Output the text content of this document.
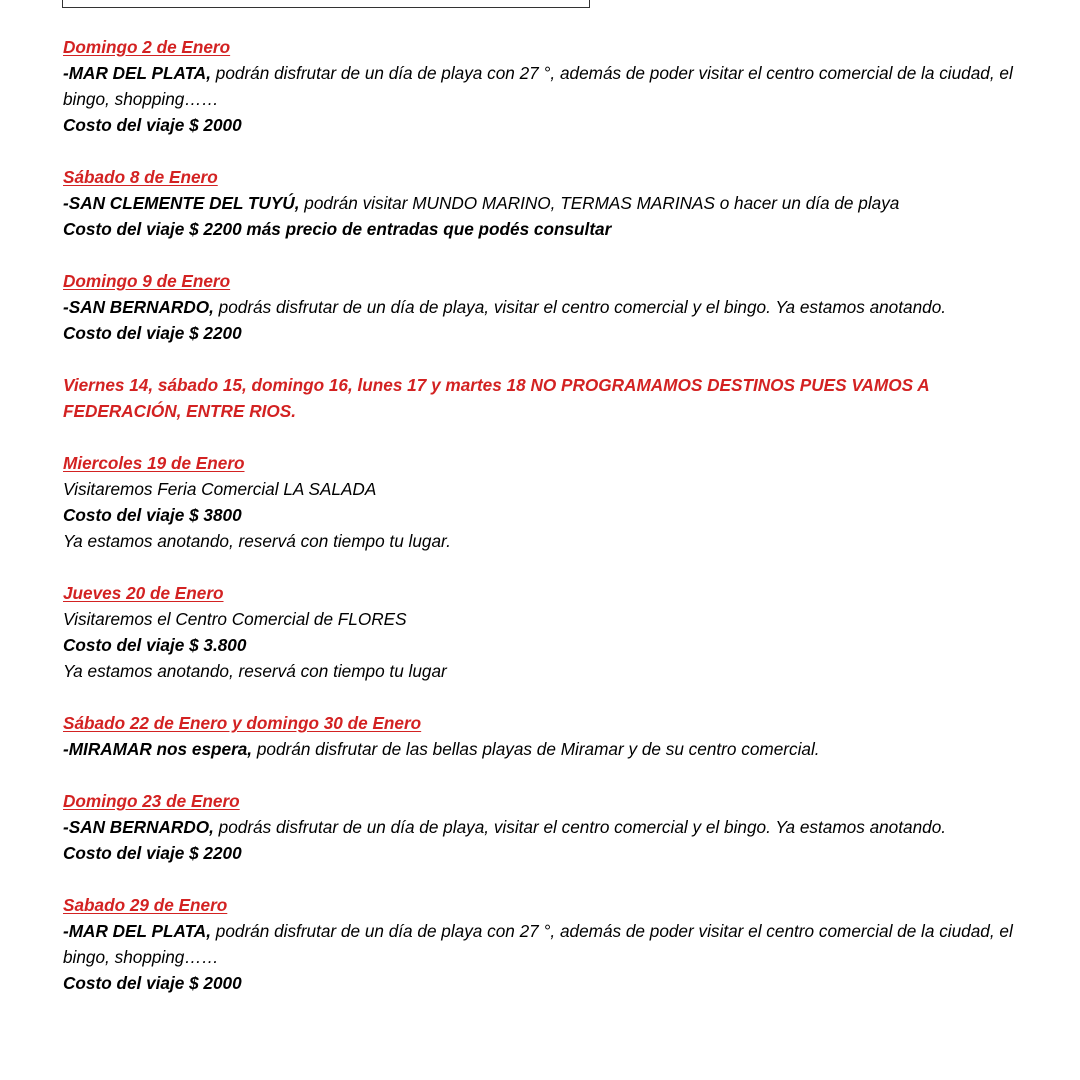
Domingo 2 de Enero

-MAR DEL PLATA, podrán disfrutar de un día de playa con 27 °, además de poder visitar el centro comercial de la ciudad, el bingo, shopping……

Costo del viaje $ 2000

Sábado 8 de Enero

-SAN CLEMENTE DEL TUYÚ, podrán visitar MUNDO MARINO, TERMAS MARINAS o hacer un día de playa

Costo del viaje $ 2200 más precio de entradas que podés consultar

Domingo 9 de Enero

-SAN BERNARDO, podrás disfrutar de un día de playa, visitar el centro comercial y el bingo. Ya estamos anotando.

Costo del viaje $ 2200

Viernes 14, sábado 15, domingo 16, lunes 17 y martes 18 NO PROGRAMAMOS DESTINOS PUES VAMOS A FEDERACIÓN, ENTRE RIOS.

Miercoles 19 de Enero

Visitaremos Feria Comercial LA SALADA

Costo del viaje $ 3800

Ya estamos anotando, reservá con tiempo tu lugar.

Jueves 20 de Enero

Visitaremos el Centro Comercial de FLORES

Costo del viaje $ 3.800

Ya estamos anotando, reservá con tiempo tu lugar

Sábado 22 de Enero y domingo 30 de Enero

-MIRAMAR nos espera, podrán disfrutar de las bellas playas de Miramar y de su centro comercial.

Domingo 23 de Enero

-SAN BERNARDO, podrás disfrutar de un día de playa, visitar el centro comercial y el bingo. Ya estamos anotando.

Costo del viaje $ 2200

Sabado 29 de Enero

-MAR DEL PLATA, podrán disfrutar de un día de playa con 27 °, además de poder visitar el centro comercial de la ciudad, el bingo, shopping……

Costo del viaje $ 2000
